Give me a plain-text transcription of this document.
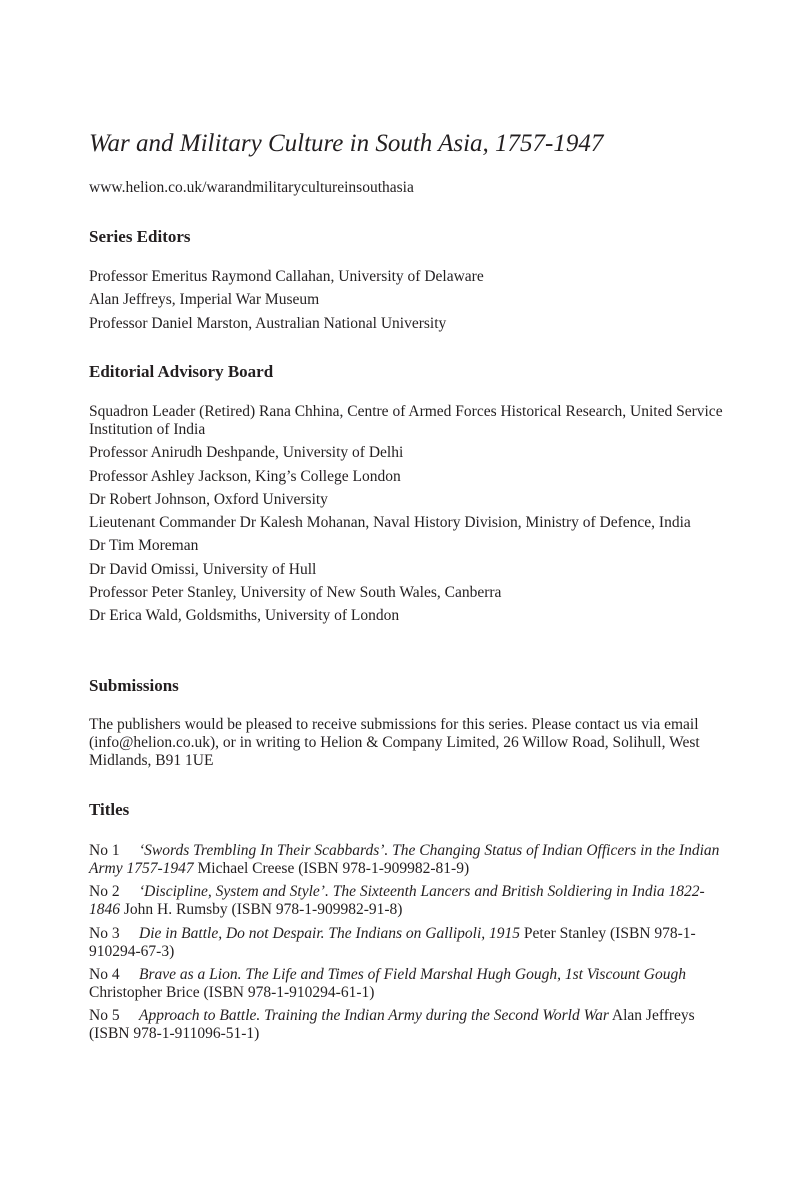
War and Military Culture in South Asia, 1757-1947
www.helion.co.uk/warandmilitarycultureinsouthasia
Series Editors
Professor Emeritus Raymond Callahan, University of Delaware
Alan Jeffreys, Imperial War Museum
Professor Daniel Marston, Australian National University
Editorial Advisory Board
Squadron Leader (Retired) Rana Chhina, Centre of Armed Forces Historical Research, United Service Institution of India
Professor Anirudh Deshpande, University of Delhi
Professor Ashley Jackson, King’s College London
Dr Robert Johnson, Oxford University
Lieutenant Commander Dr Kalesh Mohanan, Naval History Division, Ministry of Defence, India
Dr Tim Moreman
Dr David Omissi, University of Hull
Professor Peter Stanley, University of New South Wales, Canberra
Dr Erica Wald, Goldsmiths, University of London
Submissions

The publishers would be pleased to receive submissions for this series. Please contact us via email (info@helion.co.uk), or in writing to Helion & Company Limited, 26 Willow Road, Solihull, West Midlands, B91 1UE

Titles
No 1 ‘Swords Trembling In Their Scabbards’. The Changing Status of Indian Officers in the Indian Army 1757-1947 Michael Creese (ISBN 978-1-909982-81-9)
No 2 ‘Discipline, System and Style’. The Sixteenth Lancers and British Soldiering in India 1822-1846 John H. Rumsby (ISBN 978-1-909982-91-8)
No 3 Die in Battle, Do not Despair. The Indians on Gallipoli, 1915 Peter Stanley (ISBN 978-1-910294-67-3)
No 4 Brave as a Lion. The Life and Times of Field Marshal Hugh Gough, 1st Viscount Gough Christopher Brice (ISBN 978-1-910294-61-1)
No 5 Approach to Battle. Training the Indian Army during the Second World War Alan Jeffreys (ISBN 978-1-911096-51-1)
